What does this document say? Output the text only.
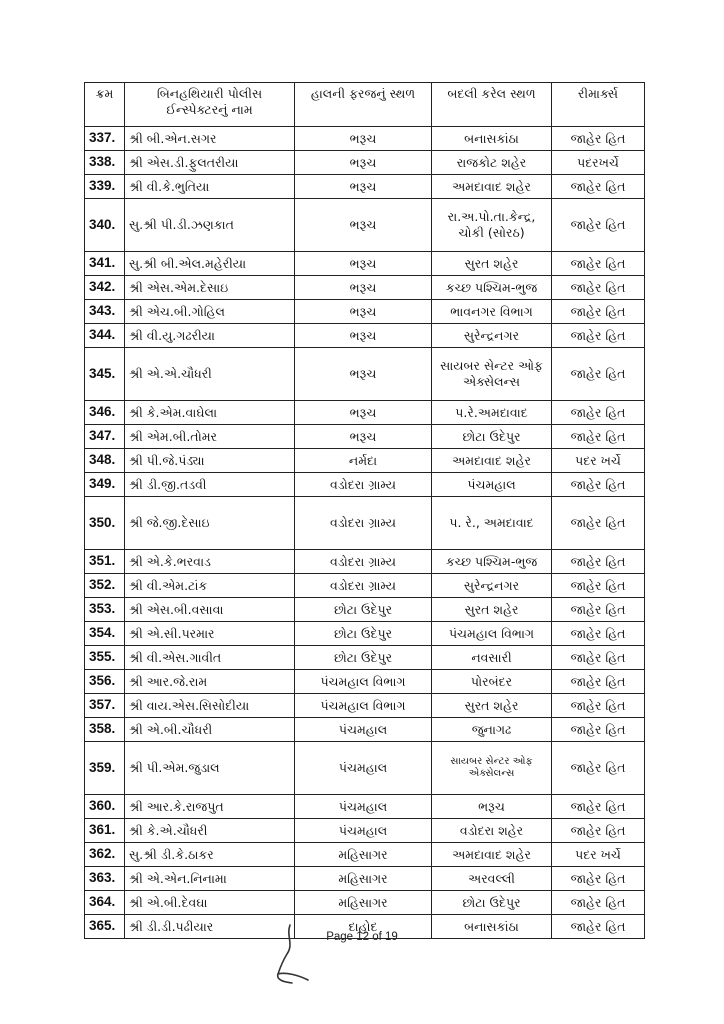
ક્રમ	બિનહથિયારી પોલીસ ઈન્સ્પેક્ટરનું નામ	હાલની ફરજનું સ્થળ	બદલી કરેલ સ્થળ	રીમાર્ક્સ
337.	શ્રી બી.એન.સગર	ભરૂચ	બનાસકાંઠા	જાહેર હિત
338.	શ્રી એસ.ડી.ફુલતરીયા	ભરૂચ	રાજકોટ શહેર	પદરખર્ચે
339.	શ્રી વી.કે.ભુતિયા	ભરૂચ	અમદાવાદ શહેર	જાહેર હિત
340.	સુ.શ્રી પી.ડી.ઝણકાત	ભરૂચ	રા.અ.પો.તા.કેન્દ્ર, ચોકી (સોરઠ)	જાહેર હિત
341.	સુ.શ્રી બી.એલ.મહેરીયા	ભરૂચ	સુરત શહેર	જાહેર હિત
342.	શ્રી એસ.એમ.દેસાઇ	ભરૂચ	કચ્છ પશ્ચિમ-ભુજ	જાહેર હિત
343.	શ્રી એચ.બી.ગોહિલ	ભરૂચ	ભાવનગર વિભાગ	જાહેર હિત
344.	શ્રી વી.યુ.ગઢરીયા	ભરૂચ	સુરેન્દ્રનગર	જાહેર હિત
345.	શ્રી એ.એ.ચૌધરી	ભરૂચ	સાયબર સેન્ટર ઓફ એક્સેલન્સ	જાહેર હિત
346.	શ્રી કે.એમ.વાઘેલા	ભરૂચ	પ.રે.અમદાવાદ	જાહેર હિત
347.	શ્રી એમ.બી.તોમર	ભરૂચ	છોટા ઉદેપુર	જાહેર હિત
348.	શ્રી પી.જે.પંડ્યા	નર્મદા	અમદાવાદ શહેર	પદર ખર્ચે
349.	શ્રી ડી.જી.તડવી	વડોદરા ગ્રામ્ય	પંચમહાલ	જાહેર હિત
350.	શ્રી જે.જી.દેસાઇ	વડોદરા ગ્રામ્ય	પ. રે., અમદાવાદ	જાહેર હિત
351.	શ્રી એ.કે.ભરવાડ	વડોદરા ગ્રામ્ય	કચ્છ પશ્ચિમ-ભુજ	જાહેર હિત
352.	શ્રી વી.એમ.ટાંક	વડોદરા ગ્રામ્ય	સુરેન્દ્રનગર	જાહેર હિત
353.	શ્રી એસ.બી.વસાવા	છોટા ઉદેપુર	સુરત શહેર	જાહેર હિત
354.	શ્રી એ.સી.પરમાર	છોટા ઉદેપુર	પંચમહાલ વિભાગ	જાહેર હિત
355.	શ્રી વી.એસ.ગાવીત	છોટા ઉદેપુર	નવસારી	જાહેર હિત
356.	શ્રી આર.જે.રામ	પંચમહાલ વિભાગ	પોરબંદર	જાહેર હિત
357.	શ્રી વાય.એસ.સિસોદીયા	પંચમહાલ વિભાગ	સુરત શહેર	જાહેર હિત
358.	શ્રી એ.બી.ચૌધરી	પંચમહાલ	જુનાગઢ	જાહેર હિત
359.	શ્રી પી.એમ.જુડાલ	પંચમહાલ	સાયબર સેન્ટર ઓફ એક્સેલન્સ	જાહેર હિત
360.	શ્રી આર.કે.રાજપુત	પંચમહાલ	ભરૂચ	જાહેર હિત
361.	શ્રી કે.એ.ચૌધરી	પંચમહાલ	વડોદરા શહેર	જાહેર હિત
362.	સુ.શ્રી ડી.કે.ઠાકર	મહિસાગર	અમદાવાદ શહેર	પદર ખર્ચે
363.	શ્રી એ.એન.નિનામા	મહિસાગર	અરવલ્લી	જાહેર હિત
364.	શ્રી એ.બી.દેવઘા	મહિસાગર	છોટા ઉદેપુર	જાહેર હિત
365.	શ્રી ડી.ડી.પઢીયાર	દાહોદ	બનાસકાંઠા	જાહેર હિત
Page 12 of 19
